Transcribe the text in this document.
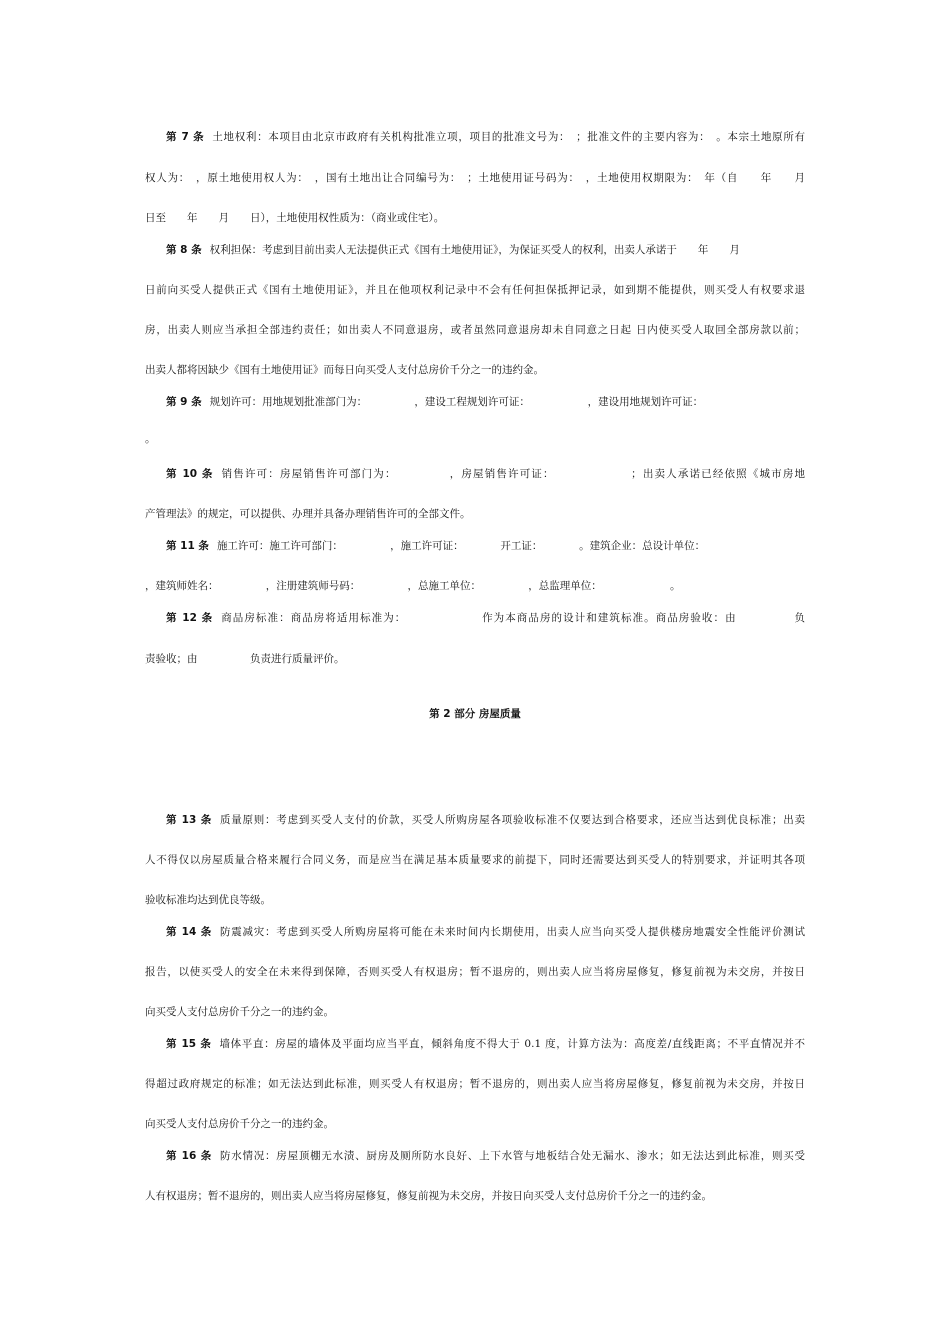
第 7 条 土地权利：本项目由北京市政府有关机构批准立项，项目的批准文号为：　；批准文件的主要内容为：　。本宗土地原所有
权人为：　，原土地使用权人为：　，国有土地出让合同编号为：　；土地使用证号码为：　，土地使用权期限为：　年（自　　年　　月
日至　　年　　月　　日），土地使用权性质为：（商业或住宅）。
第 8 条 权利担保：考虑到目前出卖人无法提供正式《国有土地使用证》，为保证买受人的权利，出卖人承诺于　　年　　月
日前向买受人提供正式《国有土地使用证》，并且在他项权利记录中不会有任何担保抵押记录，如到期不能提供，则买受人有权要求退
房，出卖人则应当承担全部违约责任；如出卖人不同意退房，或者虽然同意退房却未自同意之日起 日内使买受人取回全部房款以前；
出卖人都将因缺少《国有土地使用证》而每日向买受人支付总房价千分之一的违约金。
第 9 条 规划许可：用地规划批准部门为：　　　　　，建设工程规划许可证：　　　　　　，建设用地规划许可证：
。
第 10 条 销售许可：房屋销售许可部门为：　　　　　，房屋销售许可证：　　　　　　　；出卖人承诺已经依照《城市房地
产管理法》的规定，可以提供、办理并具备办理销售许可的全部文件。
第 11 条 施工许可：施工许可部门：　　　　　，施工许可证：　　　　开工证：　　　　。建筑企业：总设计单位：
，建筑师姓名：　　　　　，注册建筑师号码：　　　　　，总施工单位：　　　　　，总监理单位：　　　　　　　。
第 12 条 商品房标准：商品房将适用标准为：　　　　　　　作为本商品房的设计和建筑标准。商品房验收：由　　　　　负
责验收；由　　　　　负责进行质量评价。
第 2 部分 房屋质量
第 13 条 质量原则：考虑到买受人支付的价款，买受人所购房屋各项验收标准不仅要达到合格要求，还应当达到优良标准；出卖
人不得仅以房屋质量合格来履行合同义务，而是应当在满足基本质量要求的前提下，同时还需要达到买受人的特别要求，并证明其各项
验收标准均达到优良等级。
第 14 条 防震减灾：考虑到买受人所购房屋将可能在未来时间内长期使用，出卖人应当向买受人提供楼房地震安全性能评价测试
报告，以使买受人的安全在未来得到保障，否则买受人有权退房；暂不退房的，则出卖人应当将房屋修复，修复前视为未交房，并按日
向买受人支付总房价千分之一的违约金。
第 15 条 墙体平直：房屋的墙体及平面均应当平直，倾斜角度不得大于 0.1 度，计算方法为：高度差/直线距离；不平直情况并不
得超过政府规定的标准；如无法达到此标准，则买受人有权退房；暂不退房的，则出卖人应当将房屋修复，修复前视为未交房，并按日
向买受人支付总房价千分之一的违约金。
第 16 条 防水情况：房屋顶棚无水渍、厨房及厕所防水良好、上下水管与地板结合处无漏水、渗水；如无法达到此标准，则买受
人有权退房；暂不退房的，则出卖人应当将房屋修复，修复前视为未交房，并按日向买受人支付总房价千分之一的违约金。
